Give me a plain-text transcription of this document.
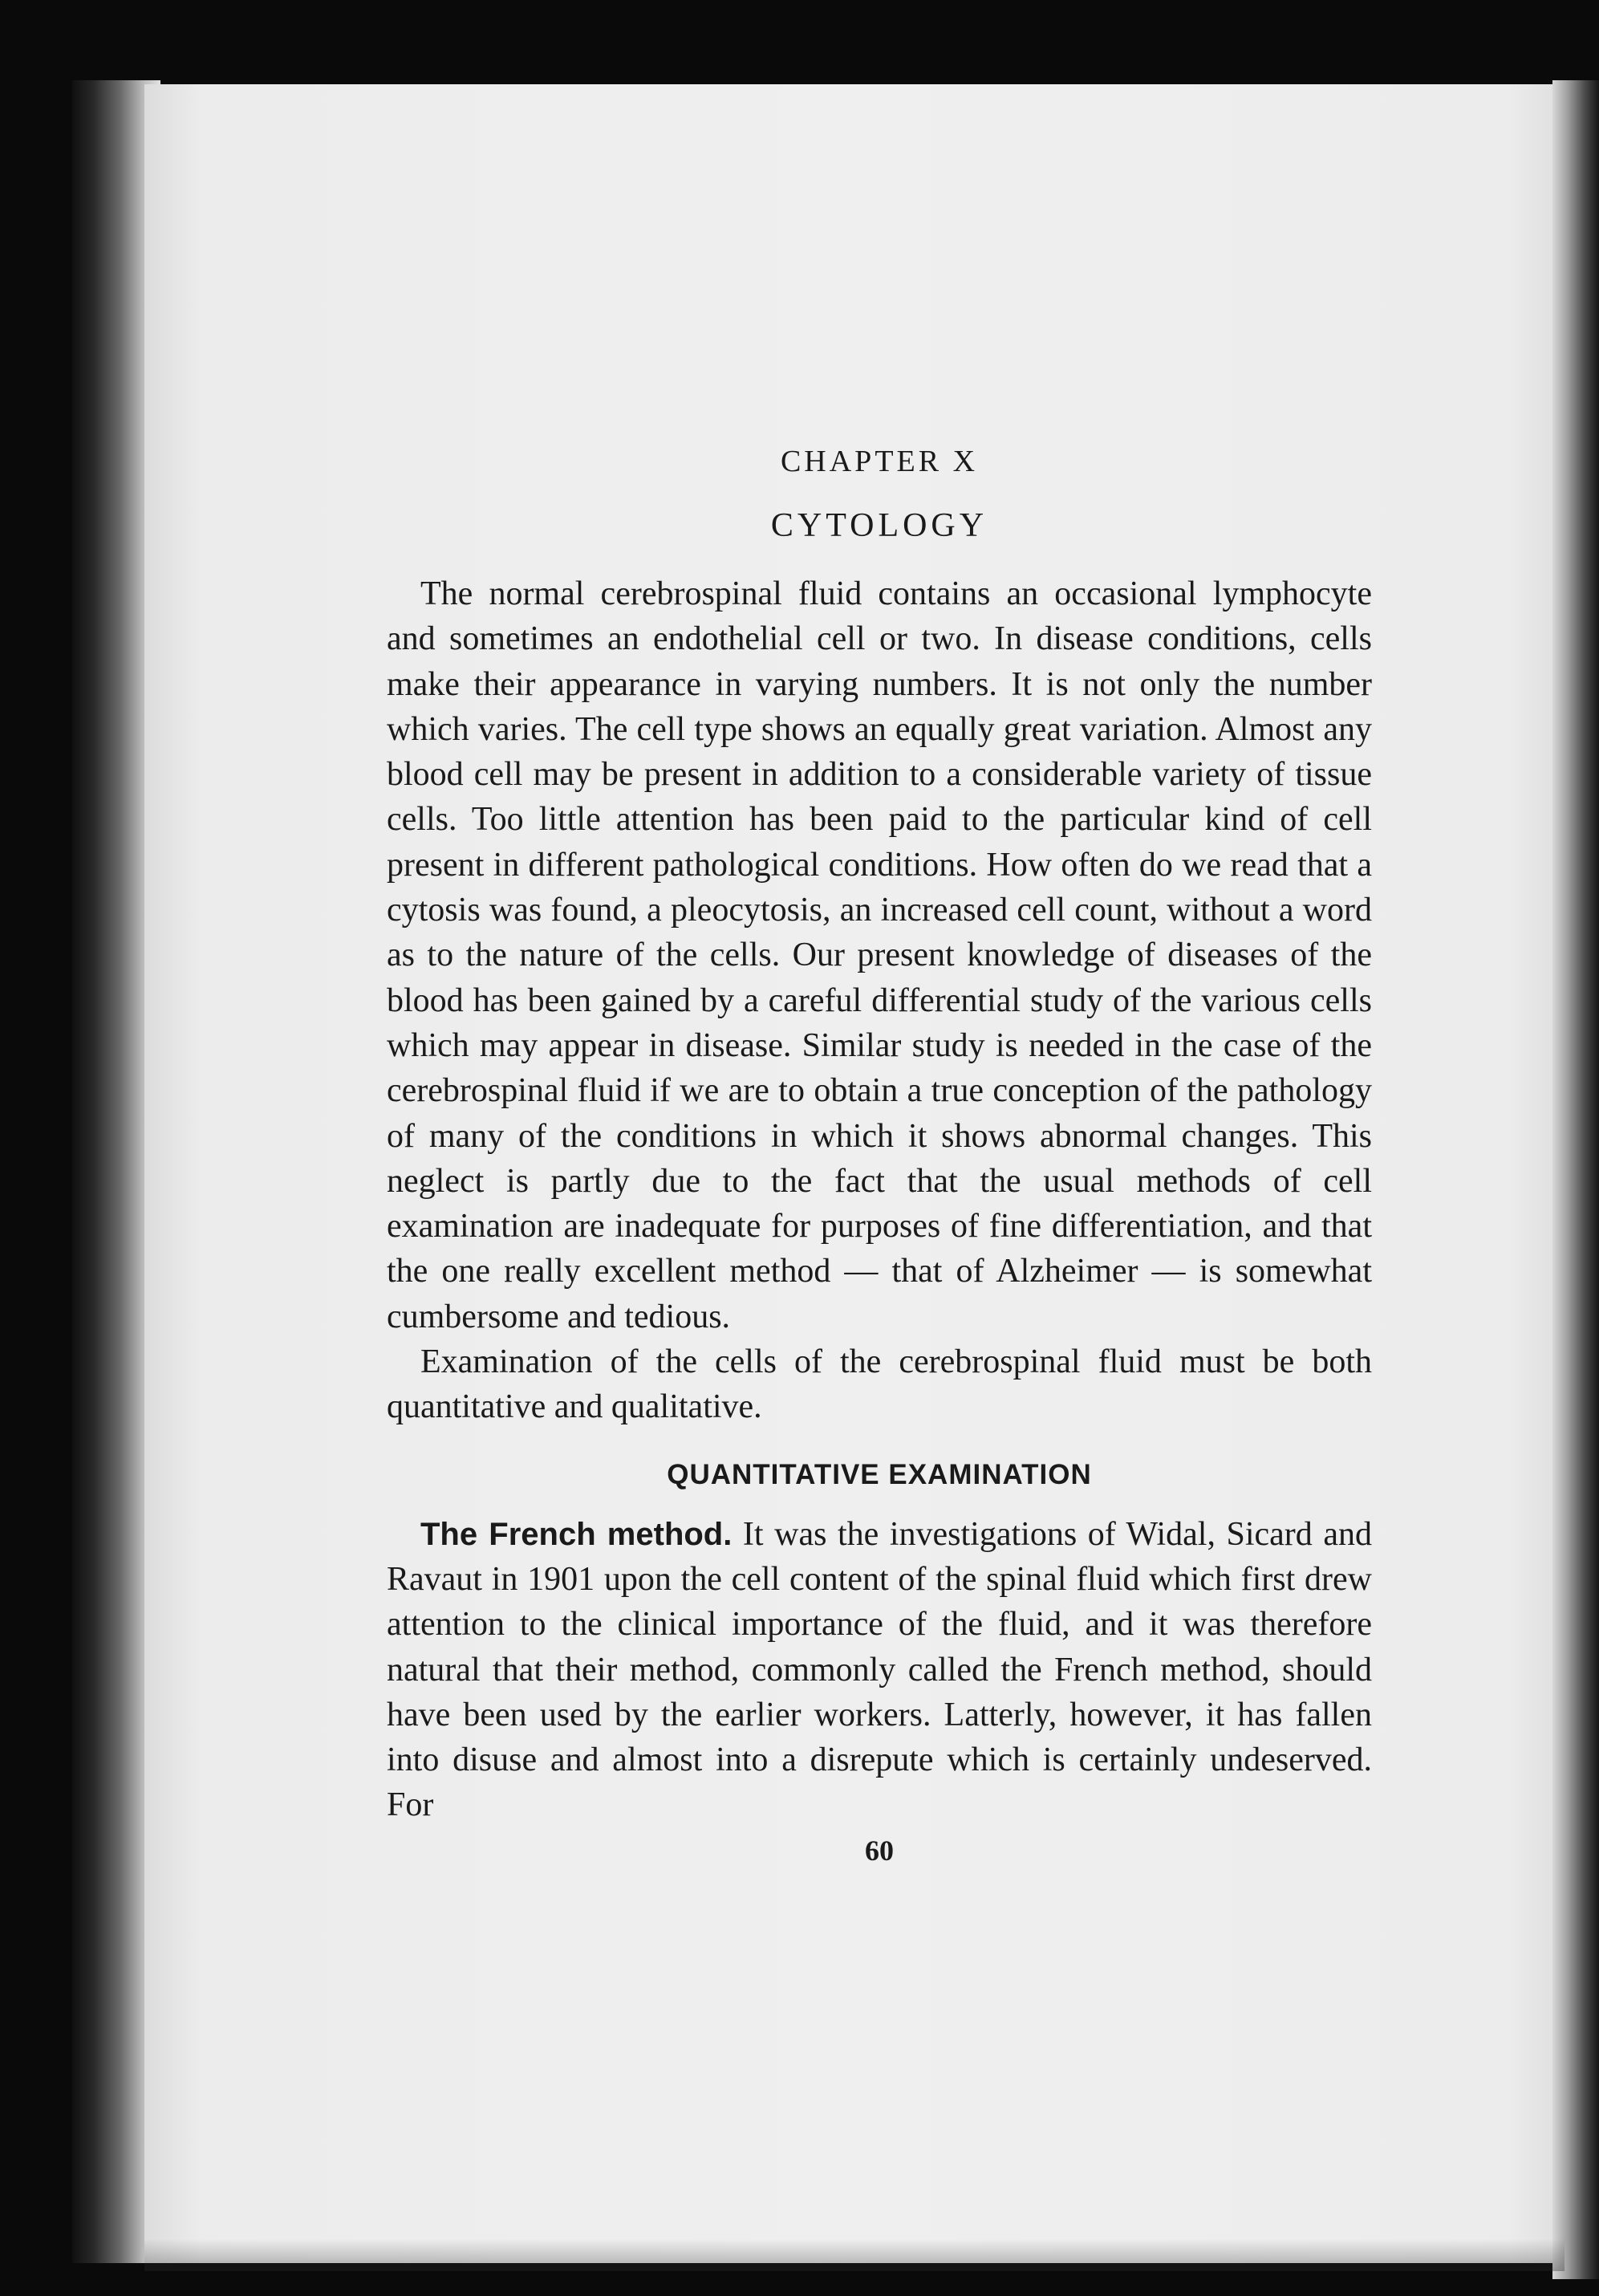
CHAPTER X
CYTOLOGY

The normal cerebrospinal fluid contains an occasional lymphocyte and sometimes an endothelial cell or two. In disease conditions, cells make their appearance in varying numbers. It is not only the number which varies. The cell type shows an equally great variation. Almost any blood cell may be present in addition to a considerable variety of tissue cells. Too little attention has been paid to the particular kind of cell present in different pathological conditions. How often do we read that a cytosis was found, a pleocytosis, an increased cell count, without a word as to the nature of the cells. Our present knowledge of diseases of the blood has been gained by a careful differential study of the various cells which may appear in disease. Similar study is needed in the case of the cerebrospinal fluid if we are to obtain a true conception of the pathology of many of the conditions in which it shows abnormal changes. This neglect is partly due to the fact that the usual methods of cell examination are inadequate for purposes of fine differentiation, and that the one really excellent method — that of Alzheimer — is somewhat cumbersome and tedious.

Examination of the cells of the cerebrospinal fluid must be both quantitative and qualitative.

QUANTITATIVE EXAMINATION

The French method. It was the investigations of Widal, Sicard and Ravaut in 1901 upon the cell content of the spinal fluid which first drew attention to the clinical importance of the fluid, and it was therefore natural that their method, commonly called the French method, should have been used by the earlier workers. Latterly, however, it has fallen into disuse and almost into a disrepute which is certainly undeserved. For

60
